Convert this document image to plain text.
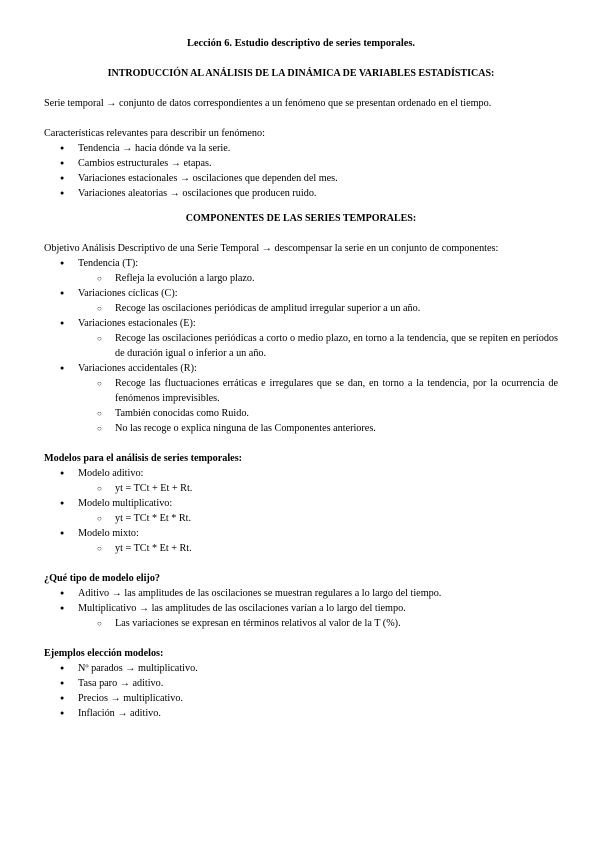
Lección 6. Estudio descriptivo de series temporales.
INTRODUCCIÓN AL ANÁLISIS DE LA DINÁMICA DE VARIABLES ESTADÍSTICAS:

Serie temporal → conjunto de datos correspondientes a un fenómeno que se presentan ordenado en el tiempo.

Características relevantes para describir un fenómeno:

● Tendencia → hacia dónde va la serie.
● Cambios estructurales → etapas.
● Variaciones estacionales → oscilaciones que dependen del mes.
● Variaciones aleatorias → oscilaciones que producen ruido.
COMPONENTES DE LAS SERIES TEMPORALES:

Objetivo Análisis Descriptivo de una Serie Temporal → descompensar la serie en un conjunto de componentes:

● Tendencia (T):
○ Refleja la evolución a largo plazo.
● Variaciones cíclicas (C):
○ Recoge las oscilaciones periódicas de amplitud irregular superior a un año.
● Variaciones estacionales (E):
○ Recoge las oscilaciones periódicas a corto o medio plazo, en torno a la tendencia, que se repiten en períodos de duración igual o inferior a un año.
● Variaciones accidentales (R):
○ Recoge las fluctuaciones erráticas e irregulares que se dan, en torno a la tendencia, por la ocurrencia de fenómenos imprevisibles.
○ También conocidas como Ruido.
○ No las recoge o explica ninguna de las Componentes anteriores.

Modelos para el análisis de series temporales:

● Modelo aditivo:
○ yt = TCt + Et + Rt.
● Modelo multiplicativo:
○ yt = TCt * Et * Rt.
● Modelo mixto:
○ yt = TCt * Et + Rt.

¿Qué tipo de modelo elijo?

● Aditivo → las amplitudes de las oscilaciones se muestran regulares a lo largo del tiempo.
● Multiplicativo → las amplitudes de las oscilaciones varían a lo largo del tiempo.
○ Las variaciones se expresan en términos relativos al valor de la T (%).

Ejemplos elección modelos:

● Nº parados → multiplicativo.
● Tasa paro → aditivo.
● Precios → multiplicativo.
● Inflación → aditivo.
